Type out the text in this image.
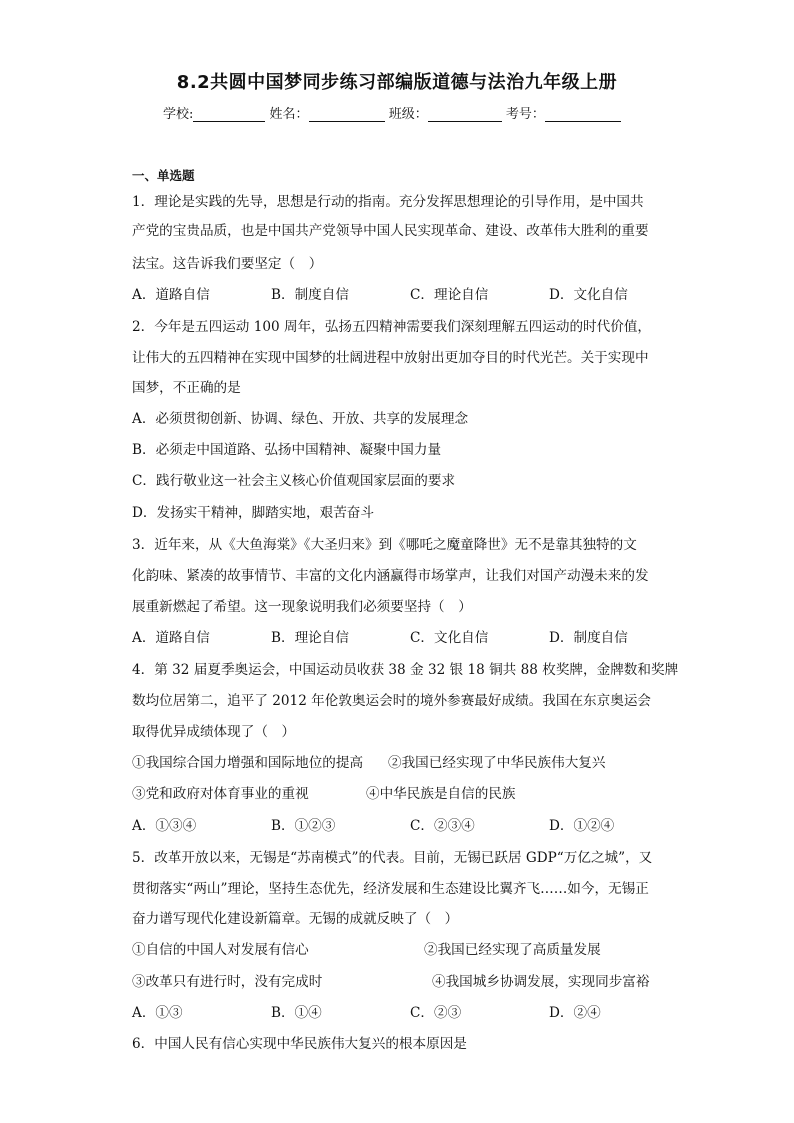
8.2共圆中国梦同步练习部编版道德与法治九年级上册
学校:	姓名：	班级：	考号：
一、单选题
1．理论是实践的先导，思想是行动的指南。充分发挥思想理论的引导作用，是中国共
产党的宝贵品质，也是中国共产党领导中国人民实现革命、建设、改革伟大胜利的重要
法宝。这告诉我们要坚定（　）
A．道路自信	B．制度自信	C．理论自信	D．文化自信
2．今年是五四运动 100 周年，弘扬五四精神需要我们深刻理解五四运动的时代价值，
让伟大的五四精神在实现中国梦的壮阔进程中放射出更加夺目的时代光芒。关于实现中
国梦，不正确的是
A．必须贯彻创新、协调、绿色、开放、共享的发展理念
B．必须走中国道路、弘扬中国精神、凝聚中国力量
C．践行敬业这一社会主义核心价值观国家层面的要求
D．发扬实干精神，脚踏实地，艰苦奋斗
3．近年来，从《大鱼海棠》《大圣归来》到《哪吒之魔童降世》无不是靠其独特的文
化韵味、紧凑的故事情节、丰富的文化内涵赢得市场掌声，让我们对国产动漫未来的发
展重新燃起了希望。这一现象说明我们必须要坚持（　）
A．道路自信	B．理论自信	C．文化自信	D．制度自信
4．第 32 届夏季奥运会，中国运动员收获 38 金 32 银 18 铜共 88 枚奖牌，金牌数和奖牌
数均位居第二，追平了 2012 年伦敦奥运会时的境外参赛最好成绩。我国在东京奥运会
取得优异成绩体现了（　）
①我国综合国力增强和国际地位的提高 ②我国已经实现了中华民族伟大复兴
③党和政府对体育事业的重视	④中华民族是自信的民族
A．①③④	B．①②③	C．②③④	D．①②④
5．改革开放以来，无锡是“苏南模式”的代表。目前，无锡已跃居 GDP“万亿之城”，又
贯彻落实“两山”理论，坚持生态优先，经济发展和生态建设比翼齐飞……如今，无锡正
奋力谱写现代化建设新篇章。无锡的成就反映了（　）
①自信的中国人对发展有信心	②我国已经实现了高质量发展
③改革只有进行时，没有完成时	④我国城乡协调发展，实现同步富裕
A．①③	B．①④	C．②③	D．②④
6．中国人民有信心实现中华民族伟大复兴的根本原因是
